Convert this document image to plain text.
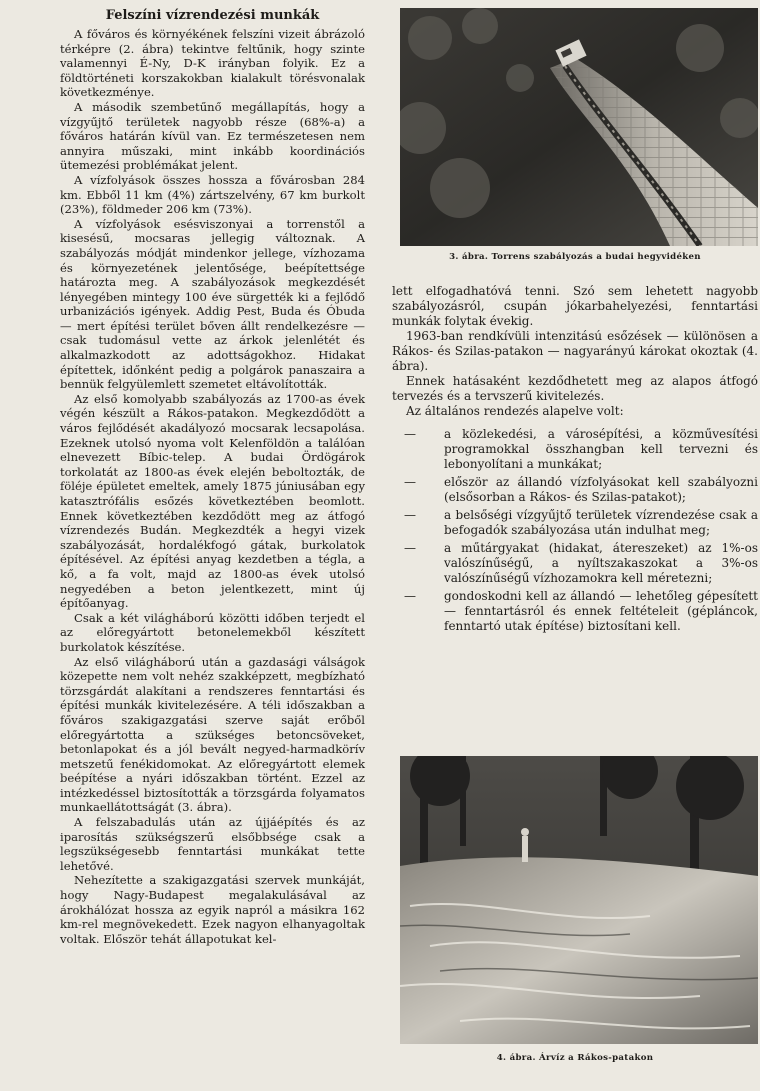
Felszíni vízrendezési munkák

A főváros és környékének felszíni vizeit ábrázoló térképre (2. ábra) tekintve feltűnik, hogy szinte valamennyi É-Ny, D-K irányban folyik. Ez a földtörténeti korszakokban kialakult törésvonalak következménye.

A második szembetűnő megállapítás, hogy a vízgyűjtő területek nagyobb része (68%-a) a főváros határán kívül van. Ez természetesen nem annyira műszaki, mint inkább koordinációs ütemezési problémákat jelent.

A vízfolyások összes hossza a fővárosban 284 km. Ebből 11 km (4%) zártszelvény, 67 km burkolt (23%), földmeder 206 km (73%).

A vízfolyások esésviszonyai a torrenstől a kisesésű, mocsaras jellegig változnak. A szabályozás módját mindenkor jellege, vízhozama és környezetének jelentősége, beépítettsége határozta meg. A szabályozások megkezdését lényegében mintegy 100 éve sürgették ki a fejlődő urbanizációs igények. Addig Pest, Buda és Óbuda — mert építési terület bőven állt rendelkezésre — csak tudomásul vette az árkok jelenlétét és alkalmazkodott az adottságokhoz. Hidakat építettek, időnként pedig a polgárok panaszaira a bennük felgyülemlett szemetet eltávolították.

Az első komolyabb szabályozás az 1700-as évek végén készült a Rákos-patakon. Megkezdődött a város fejlődését akadályozó mocsarak lecsapolása. Ezeknek utolsó nyoma volt Kelenföldön a találóan elnevezett Bíbic-telep. A budai Ördögárok torkolatát az 1800-as évek elején beboltozták, de föléje épületet emeltek, amely 1875 júniusában egy katasztrófális esőzés következtében beomlott. Ennek következtében kezdődött meg az átfogó vízrendezés Budán. Megkezdték a hegyi vizek szabályozását, hordalékfogó gátak, burkolatok építésével. Az építési anyag kezdetben a tégla, a kő, a fa volt, majd az 1800-as évek utolsó negyedében a beton jelentkezett, mint új építőanyag.

Csak a két világháború közötti időben terjedt el az előregyártott betonelemekből készített burkolatok készítése.

Az első világháború után a gazdasági válságok közepette nem volt nehéz szakképzett, megbízható törzsgárdát alakítani a rendszeres fenntartási és építési munkák kivitelezésére. A téli időszakban a főváros szakigazgatási szerve saját erőből előregyártotta a szükséges betoncsöveket, betonlapokat és a jól bevált negyed-harmadkörív metszetű fenékidomokat. Az előregyártott elemek beépítése a nyári időszakban történt. Ezzel az intézkedéssel biztosították a törzsgárda folyamatos munkaellátottságát (3. ábra).

A felszabadulás után az újjáépítés és az iparosítás szükségszerű elsőbbsége csak a legszükségesebb fenntartási munkákat tette lehetővé.

Nehezítette a szakigazgatási szervek munkáját, hogy Nagy-Budapest megalakulásával az árokhálózat hossza az egyik napról a másikra 162 km-rel megnövekedett. Ezek nagyon elhanyagoltak voltak. Először tehát állapotukat kel-

3. ábra. Torrens szabályozás a budai hegyvidéken

lett elfogadhatóvá tenni. Szó sem lehetett nagyobb szabályozásról, csupán jókarbahelyezési, fenntartási munkák folytak évekig.

1963-ban rendkívüli intenzitású esőzések — különösen a Rákos- és Szilas-patakon — nagyarányú károkat okoztak (4. ábra).

Ennek hatásaként kezdődhetett meg az alapos átfogó tervezés és a tervszerű kivitelezés.

Az általános rendezés alapelve volt:

—	a közlekedési, a városépítési, a közművesítési programokkal összhangban kell tervezni és lebonyolítani a munkákat;
—	először az állandó vízfolyásokat kell szabályozni (elsősorban a Rákos- és Szilas-patakot);
—	a belsőségi vízgyűjtő területek vízrendezése csak a befogadók szabályozása után indulhat meg;
—	a műtárgyakat (hidakat, átereszeket) az 1%-os valószínűségű, a nyíltszakaszokat a 3%-os valószínűségű vízhozamokra kell méretezni;
—	gondoskodni kell az állandó — lehetőleg gépesített — fenntartásról és ennek feltételeit (gépláncok, fenntartó utak építése) biztosítani kell.
4. ábra. Árvíz a Rákos-patakon
